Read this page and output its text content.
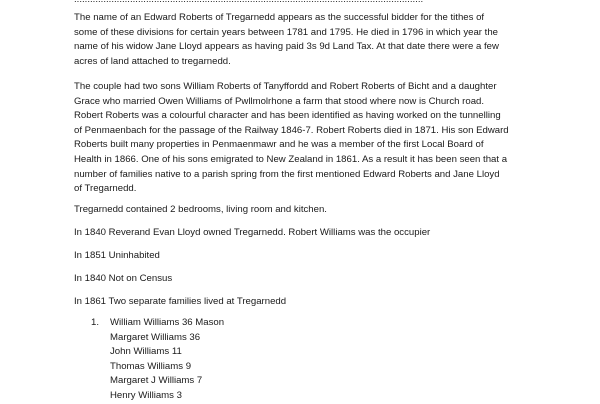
The name of an Edward Roberts of Tregarnedd appears as the successful bidder for the tithes of
some of these divisions for certain years between 1781 and 1795. He died in 1796 in which year the
name of his widow Jane Lloyd appears as having paid 3s 9d Land Tax. At that date there were a few
acres of land attached to tregarnedd.
The couple had two sons William Roberts of Tanyffordd and Robert Roberts of Bicht and a daughter
Grace who married Owen Williams of Pwllmolrhone a farm that stood where now is Church road.
Robert Roberts was a colourful character and has been identified as having worked on the tunnelling
of Penmaenbach for the passage of the Railway 1846-7. Robert Roberts died in 1871. His son Edward
Roberts built many properties in Penmaenmawr and he was a member of the first Local Board of
Health in 1866. One of his sons emigrated to New Zealand in 1861. As a result it has been seen that a
number of families native to a parish spring from the first mentioned Edward Roberts and Jane Lloyd
of Tregarnedd.
Tregarnedd contained 2 bedrooms, living room and kitchen.
In 1840 Reverand Evan Lloyd owned Tregarnedd. Robert Williams was the occupier
In 1851 Uninhabited
In 1840 Not on Census
In 1861 Two separate families lived at Tregarnedd
1. William Williams 36 Mason
Margaret Williams 36
John Williams 11
Thomas Williams 9
Margaret J Williams 7
Henry Williams 3
